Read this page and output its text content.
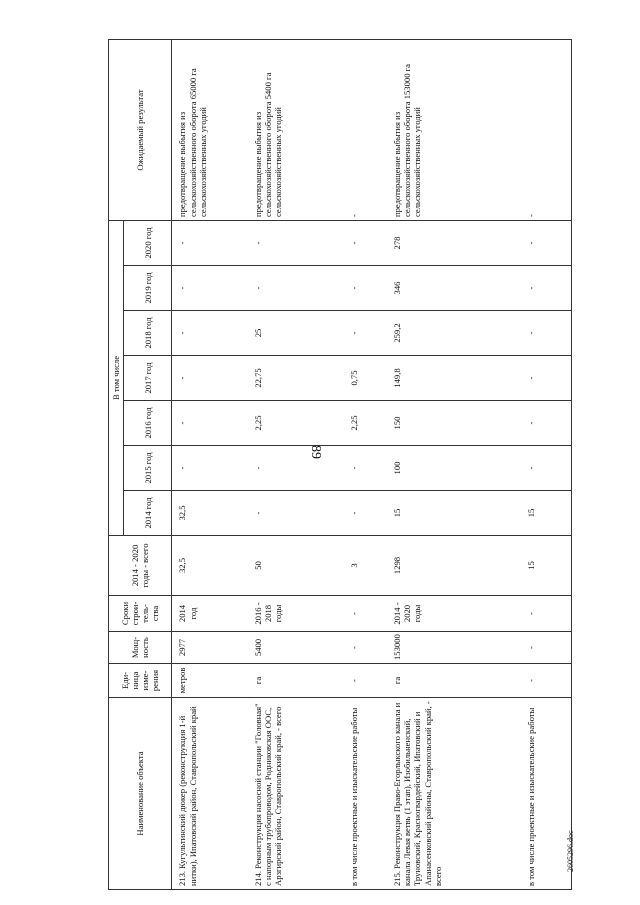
89
2605296.doc
Наименование объекта	Еди-ница изме-рения	Мощ-ность	Сроки строи-тель-ства	2014 - 2020 годы - всего	В том числе							Ожидаемый результат
					2014 год	2015 год	2016 год	2017 год	2018 год	2019 год	2020 год	
213. Кугультинский дюкер (реконструкция 1-й нитки), Ипатовский район, Ставропольский край	метров	2977	2014 год	32,5	32,5	-	-	-	-	-	-	предотвращение выбытия из сельскохозяйственного оборота 65000 га сельскохозяйственных угодий
214. Реконструкция насосной станции "Головная" с напорным трубопроводом, Родниковская ООС, Арзгирский район, Ставропольский край, - всего	га	5400	2016 - 2018 годы	50	-	-	2,25	22,75	25	-	-	предотвращение выбытия из сельскохозяйственного оборота 5400 га сельскохозяйственных угодий
в том числе проектные и изыскательские работы	-	-	-	3	-	-	2,25	0,75	-	-	-	-
215. Реконструкция Право-Егорлыкского канала и канала Левая ветвь (1 этап), Изобильненский, Труновский, Красногвардейский, Ипатовский и Апанасенковский районы, Ставропольский край, - всего	га	153000	2014 - 2020 годы	1298	15	100	150	149,8	259,2	346	278	предотвращение выбытия из сельскохозяйственного оборота 153000 га сельскохозяйственных угодий
в том числе проектные и изыскательские работы	-	-	-	15	15	-	-	-	-	-	-	-
